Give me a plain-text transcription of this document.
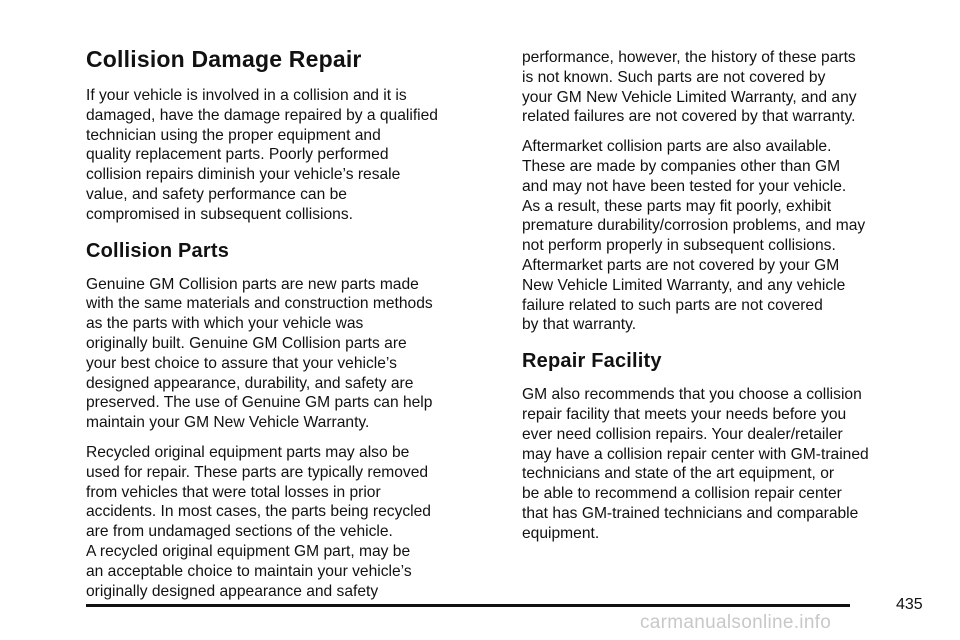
Collision Damage Repair

If your vehicle is involved in a collision and it is
damaged, have the damage repaired by a qualified
technician using the proper equipment and
quality replacement parts. Poorly performed
collision repairs diminish your vehicle’s resale
value, and safety performance can be
compromised in subsequent collisions.

Collision Parts

Genuine GM Collision parts are new parts made
with the same materials and construction methods
as the parts with which your vehicle was
originally built. Genuine GM Collision parts are
your best choice to assure that your vehicle’s
designed appearance, durability, and safety are
preserved. The use of Genuine GM parts can help
maintain your GM New Vehicle Warranty.

Recycled original equipment parts may also be
used for repair. These parts are typically removed
from vehicles that were total losses in prior
accidents. In most cases, the parts being recycled
are from undamaged sections of the vehicle.
A recycled original equipment GM part, may be
an acceptable choice to maintain your vehicle’s
originally designed appearance and safety

performance, however, the history of these parts
is not known. Such parts are not covered by
your GM New Vehicle Limited Warranty, and any
related failures are not covered by that warranty.

Aftermarket collision parts are also available.
These are made by companies other than GM
and may not have been tested for your vehicle.
As a result, these parts may fit poorly, exhibit
premature durability/corrosion problems, and may
not perform properly in subsequent collisions.
Aftermarket parts are not covered by your GM
New Vehicle Limited Warranty, and any vehicle
failure related to such parts are not covered
by that warranty.

Repair Facility

GM also recommends that you choose a collision
repair facility that meets your needs before you
ever need collision repairs. Your dealer/retailer
may have a collision repair center with GM-trained
technicians and state of the art equipment, or
be able to recommend a collision repair center
that has GM-trained technicians and comparable
equipment.

435
carmanualsonline.info
